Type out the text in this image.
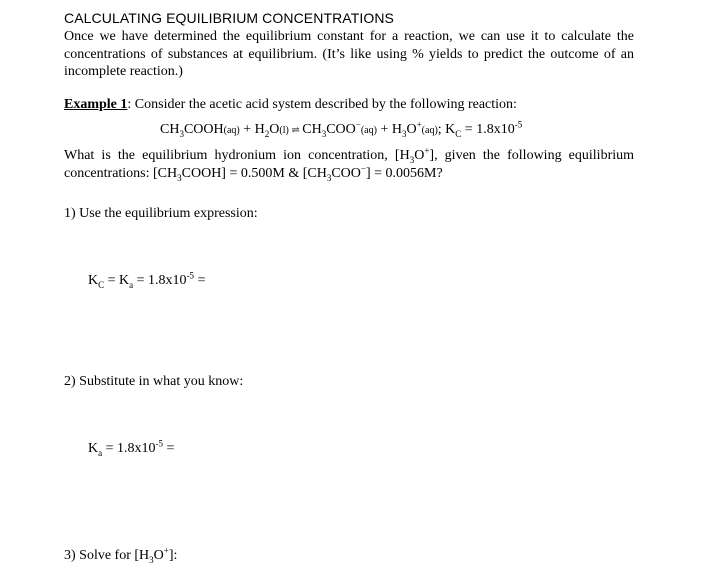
CALCULATING EQUILIBRIUM CONCENTRATIONS
Once we have determined the equilibrium constant for a reaction, we can use it to calculate the concentrations of substances at equilibrium. (It’s like using % yields to predict the outcome of an incomplete reaction.)
Example 1: Consider the acetic acid system described by the following reaction:
$CH_3COOH(aq) + H_2O(l)$ ⇌ $CH_3COO^-(aq) + H_3O^+(aq)$; $K_C = 1.8x10^{-5}$
What is the equilibrium hydronium ion concentration, $[H_3O^+]$, given the following equilibrium concentrations: $[CH_3COOH] = 0.500M$ & $[CH_3COO^-] = 0.0056M$?
1) Use the equilibrium expression:
$K_C = K_a = 1.8x10^{-5}$ =
2) Substitute in what you know:
$K_a = 1.8x10^{-5}$ =
3) Solve for $[H_3O^+]$:
